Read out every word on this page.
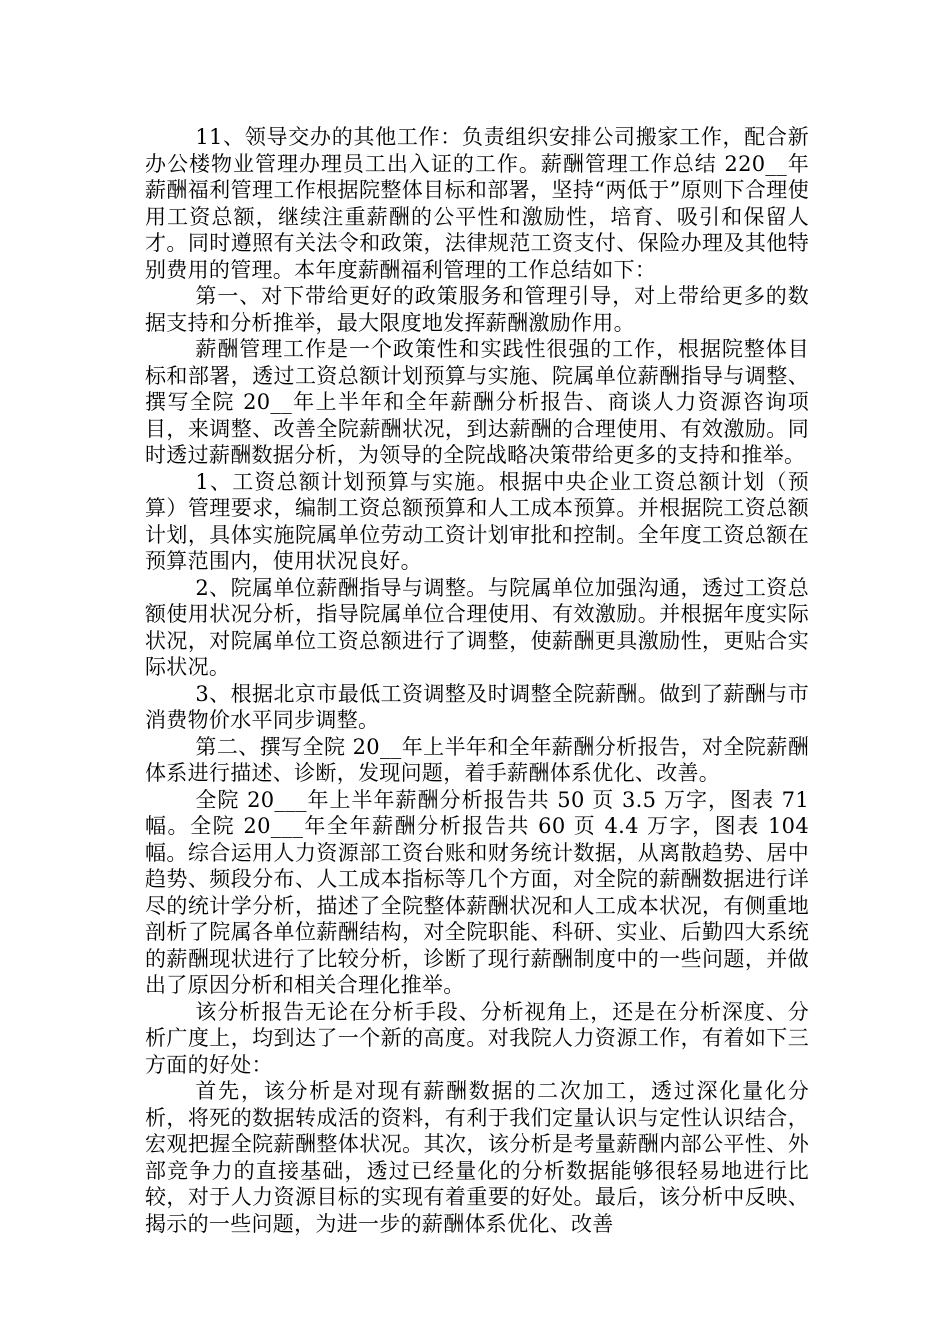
11、领导交办的其他工作：负责组织安排公司搬家工作，配合新办公楼物业管理办理员工出入证的工作。薪酬管理工作总结 220__年薪酬福利管理工作根据院整体目标和部署，坚持“两低于”原则下合理使用工资总额，继续注重薪酬的公平性和激励性，培育、吸引和保留人才。同时遵照有关法令和政策，法律规范工资支付、保险办理及其他特别费用的管理。本年度薪酬福利管理的工作总结如下：

第一、对下带给更好的政策服务和管理引导，对上带给更多的数据支持和分析推举，最大限度地发挥薪酬激励作用。

薪酬管理工作是一个政策性和实践性很强的工作，根据院整体目标和部署，透过工资总额计划预算与实施、院属单位薪酬指导与调整、撰写全院 20__年上半年和全年薪酬分析报告、商谈人力资源咨询项目，来调整、改善全院薪酬状况，到达薪酬的合理使用、有效激励。同时透过薪酬数据分析，为领导的全院战略决策带给更多的支持和推举。

1、工资总额计划预算与实施。根据中央企业工资总额计划（预算）管理要求，编制工资总额预算和人工成本预算。并根据院工资总额计划，具体实施院属单位劳动工资计划审批和控制。全年度工资总额在预算范围内，使用状况良好。

2、院属单位薪酬指导与调整。与院属单位加强沟通，透过工资总额使用状况分析，指导院属单位合理使用、有效激励。并根据年度实际状况，对院属单位工资总额进行了调整，使薪酬更具激励性，更贴合实际状况。

3、根据北京市最低工资调整及时调整全院薪酬。做到了薪酬与市消费物价水平同步调整。

第二、撰写全院 20__年上半年和全年薪酬分析报告，对全院薪酬体系进行描述、诊断，发现问题，着手薪酬体系优化、改善。

全院 20___年上半年薪酬分析报告共 50 页 3.5 万字，图表 71 幅。全院 20___年全年薪酬分析报告共 60 页 4.4 万字，图表 104 幅。综合运用人力资源部工资台账和财务统计数据，从离散趋势、居中趋势、频段分布、人工成本指标等几个方面，对全院的薪酬数据进行详尽的统计学分析，描述了全院整体薪酬状况和人工成本状况，有侧重地剖析了院属各单位薪酬结构，对全院职能、科研、实业、后勤四大系统的薪酬现状进行了比较分析，诊断了现行薪酬制度中的一些问题，并做出了原因分析和相关合理化推举。

该分析报告无论在分析手段、分析视角上，还是在分析深度、分析广度上，均到达了一个新的高度。对我院人力资源工作，有着如下三方面的好处：

首先，该分析是对现有薪酬数据的二次加工，透过深化量化分析，将死的数据转成活的资料，有利于我们定量认识与定性认识结合，宏观把握全院薪酬整体状况。其次，该分析是考量薪酬内部公平性、外部竞争力的直接基础，透过已经量化的分析数据能够很轻易地进行比较，对于人力资源目标的实现有着重要的好处。最后，该分析中反映、揭示的一些问题，为进一步的薪酬体系优化、改善
